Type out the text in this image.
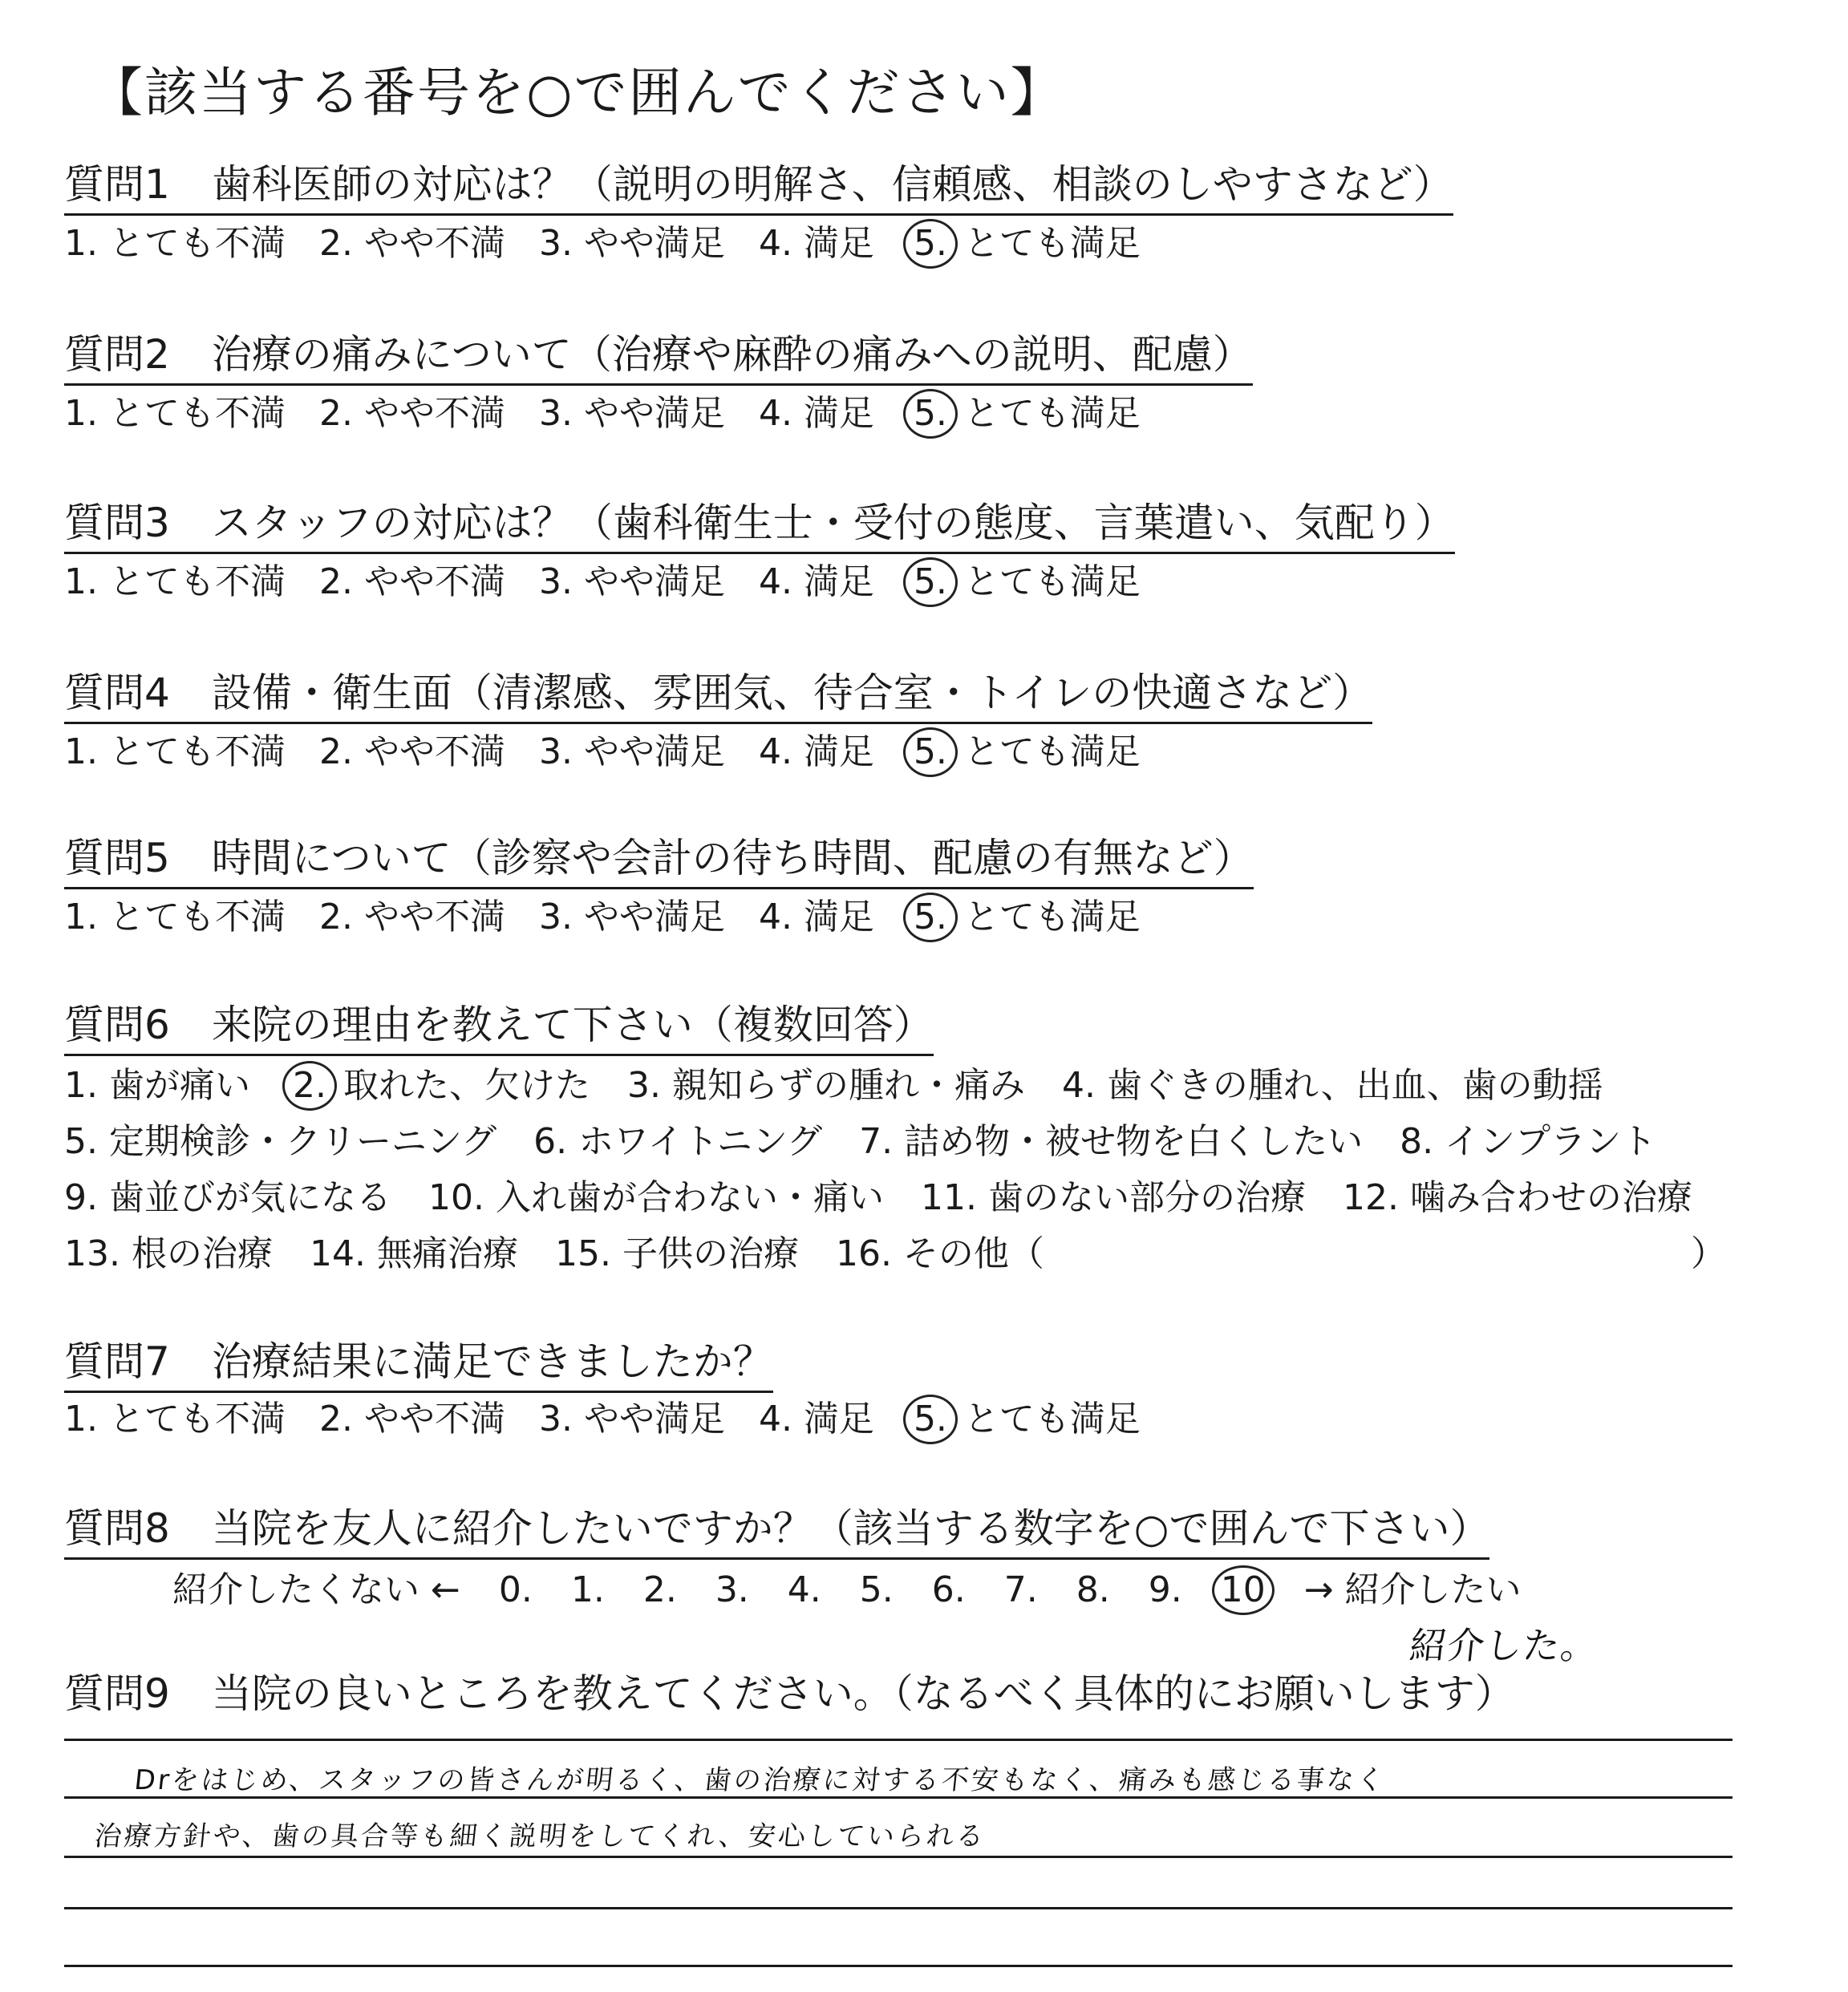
【該当する番号を○で囲んでください】
質問1 歯科医師の対応は？（説明の明解さ、信頼感、相談のしやすさなど）
1. とても不満 2. やや不満 3. やや満足 4. 満足 5. とても満足
質問2 治療の痛みについて（治療や麻酔の痛みへの説明、配慮）
1. とても不満 2. やや不満 3. やや満足 4. 満足 5. とても満足
質問3 スタッフの対応は？（歯科衛生士・受付の態度、言葉遣い、気配り）
1. とても不満 2. やや不満 3. やや満足 4. 満足 5. とても満足
質問4 設備・衛生面（清潔感、雰囲気、待合室・トイレの快適さなど）
1. とても不満 2. やや不満 3. やや満足 4. 満足 5. とても満足
質問5 時間について（診察や会計の待ち時間、配慮の有無など）
1. とても不満 2. やや不満 3. やや満足 4. 満足 5. とても満足
質問6 来院の理由を教えて下さい（複数回答）
1. 歯が痛い 2. 取れた、欠けた 3. 親知らずの腫れ・痛み 4. 歯ぐきの腫れ、出血、歯の動揺
5. 定期検診・クリーニング 6. ホワイトニング 7. 詰め物・被せ物を白くしたい 8. インプラント
9. 歯並びが気になる 10. 入れ歯が合わない・痛い 11. 歯のない部分の治療 12. 噛み合わせの治療
13. 根の治療 14. 無痛治療 15. 子供の治療 16. その他（	）
質問7 治療結果に満足できましたか？
1. とても不満 2. やや不満 3. やや満足 4. 満足 5. とても満足
質問8 当院を友人に紹介したいですか？（該当する数字を○で囲んで下さい）
紹介したくない ← 0. 1. 2. 3. 4. 5. 6. 7. 8. 9. 10 → 紹介したい
紹介した。
質問9 当院の良いところを教えてください。（なるべく具体的にお願いします）
Drをはじめ、スタッフの皆さんが明るく、歯の治療に対する不安もなく、痛みも感じる事なく
治療方針や、歯の具合等も細く説明をしてくれ、安心していられる
